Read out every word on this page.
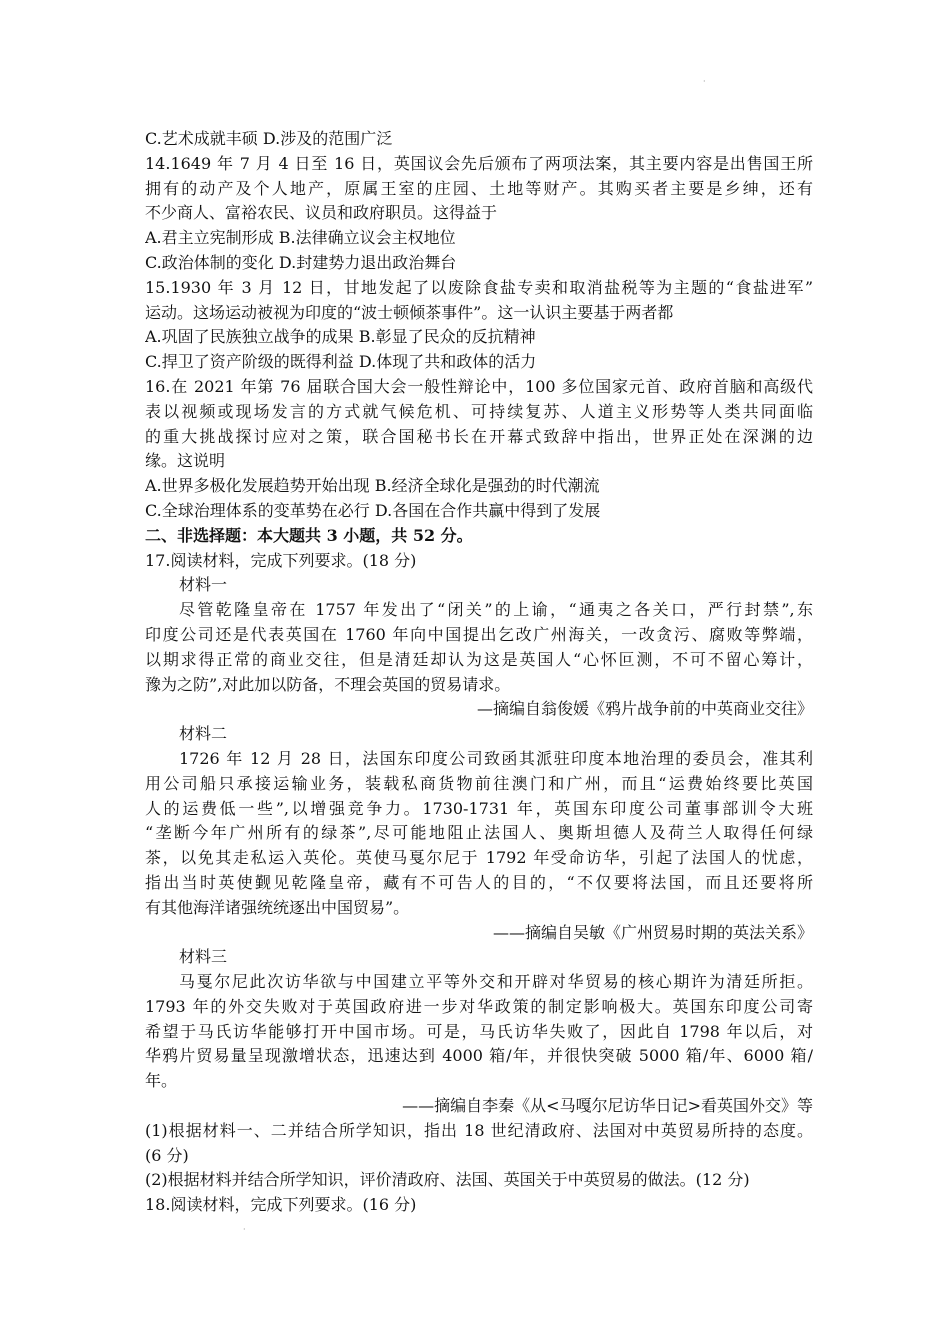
·
C.艺术成就丰硕 D.涉及的范围广泛
14.1649 年 7 月 4 日至 16 日，英国议会先后颁布了两项法案，其主要内容是出售国王所
拥有的动产及个人地产，原属王室的庄园、土地等财产。其购买者主要是乡绅，还有
不少商人、富裕农民、议员和政府职员。这得益于
A.君主立宪制形成 B.法律确立议会主权地位
C.政治体制的变化 D.封建势力退出政治舞台
15.1930 年 3 月 12 日，甘地发起了以废除食盐专卖和取消盐税等为主题的“食盐进军”
运动。这场运动被视为印度的“波士顿倾茶事件”。这一认识主要基于两者都
A.巩固了民族独立战争的成果 B.彰显了民众的反抗精神
C.捍卫了资产阶级的既得利益 D.体现了共和政体的活力
16.在 2021 年第 76 届联合国大会一般性辩论中，100 多位国家元首、政府首脑和高级代
表以视频或现场发言的方式就气候危机、可持续复苏、人道主义形势等人类共同面临
的重大挑战探讨应对之策，联合国秘书长在开幕式致辞中指出，世界正处在深渊的边
缘。这说明
A.世界多极化发展趋势开始出现 B.经济全球化是强劲的时代潮流
C.全球治理体系的变革势在必行 D.各国在合作共赢中得到了发展
二、非选择题：本大题共 3 小题，共 52 分。
17.阅读材料，完成下列要求。(18 分)
材料一
尽管乾隆皇帝在 1757 年发出了“闭关”的上谕，“通夷之各关口，严行封禁”,东
印度公司还是代表英国在 1760 年向中国提出乞改广州海关，一改贪污、腐败等弊端，
以期求得正常的商业交往，但是清廷却认为这是英国人“心怀叵测，不可不留心筹计，
豫为之防”,对此加以防备，不理会英国的贸易请求。
—摘编自翁俊媛《鸦片战争前的中英商业交往》
材料二
1726 年 12 月 28 日，法国东印度公司致函其派驻印度本地治理的委员会，准其利
用公司船只承接运输业务，装载私商货物前往澳门和广州，而且“运费始终要比英国
人的运费低一些”,以增强竞争力。1730-1731 年，英国东印度公司董事部训令大班
“垄断今年广州所有的绿茶”,尽可能地阻止法国人、奥斯坦德人及荷兰人取得任何绿
茶，以免其走私运入英伦。英使马戛尔尼于 1792 年受命访华，引起了法国人的忧虑，
指出当时英使觐见乾隆皇帝，藏有不可告人的目的，“不仅要将法国，而且还要将所
有其他海洋诸强统统逐出中国贸易”。
——摘编自吴敏《广州贸易时期的英法关系》
材料三
马戛尔尼此次访华欲与中国建立平等外交和开辟对华贸易的核心期许为清廷所拒。
1793 年的外交失败对于英国政府进一步对华政策的制定影响极大。英国东印度公司寄
希望于马氏访华能够打开中国市场。可是，马氏访华失败了，因此自 1798 年以后，对
华鸦片贸易量呈现激增状态，迅速达到 4000 箱/年，并很快突破 5000 箱/年、6000 箱/
年。
——摘编自李秦《从<马嘎尔尼访华日记>看英国外交》等
(1)根据材料一、二并结合所学知识，指出 18 世纪清政府、法国对中英贸易所持的态度。
(6 分)
(2)根据材料并结合所学知识，评价清政府、法国、英国关于中英贸易的做法。(12 分)
18.阅读材料，完成下列要求。(16 分)
·
